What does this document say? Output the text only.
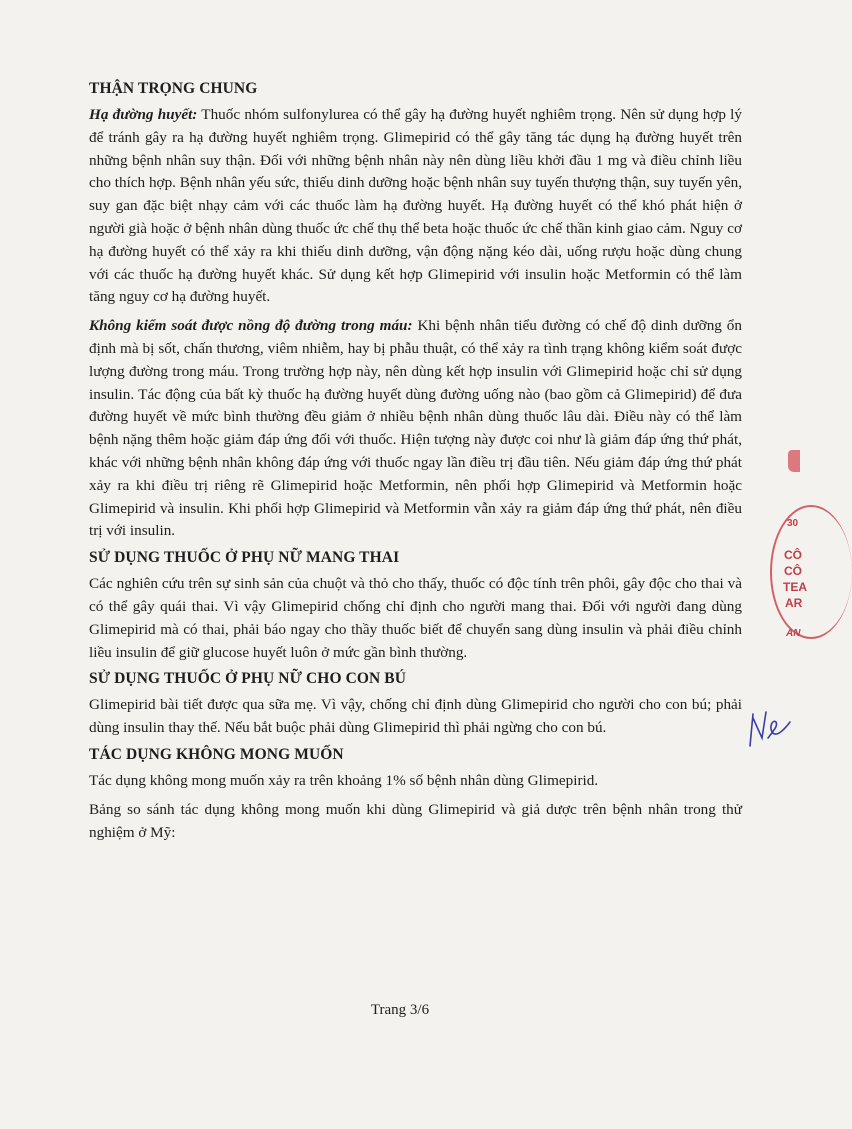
THẬN TRỌNG CHUNG

Hạ đường huyết: Thuốc nhóm sulfonylurea có thể gây hạ đường huyết nghiêm trọng. Nên sử dụng hợp lý để tránh gây ra hạ đường huyết nghiêm trọng. Glimepirid có thể gây tăng tác dụng hạ đường huyết trên những bệnh nhân suy thận. Đối với những bệnh nhân này nên dùng liều khởi đầu 1 mg và điều chỉnh liều cho thích hợp. Bệnh nhân yếu sức, thiếu dinh dưỡng hoặc bệnh nhân suy tuyến thượng thận, suy tuyến yên, suy gan đặc biệt nhạy cảm với các thuốc làm hạ đường huyết. Hạ đường huyết có thể khó phát hiện ở người già hoặc ở bệnh nhân dùng thuốc ức chế thụ thể beta hoặc thuốc ức chế thần kinh giao cảm. Nguy cơ hạ đường huyết có thể xảy ra khi thiếu dinh dưỡng, vận động nặng kéo dài, uống rượu hoặc dùng chung với các thuốc hạ đường huyết khác. Sử dụng kết hợp Glimepirid với insulin hoặc Metformin có thể làm tăng nguy cơ hạ đường huyết.

Không kiểm soát được nồng độ đường trong máu: Khi bệnh nhân tiểu đường có chế độ dinh dưỡng ổn định mà bị sốt, chấn thương, viêm nhiễm, hay bị phẫu thuật, có thể xảy ra tình trạng không kiểm soát được lượng đường trong máu. Trong trường hợp này, nên dùng kết hợp insulin với Glimepirid hoặc chỉ sử dụng insulin. Tác động của bất kỳ thuốc hạ đường huyết dùng đường uống nào (bao gồm cả Glimepirid) để đưa đường huyết về mức bình thường đều giảm ở nhiều bệnh nhân dùng thuốc lâu dài. Điều này có thể làm bệnh nặng thêm hoặc giảm đáp ứng đối với thuốc. Hiện tượng này được coi như là giảm đáp ứng thứ phát, khác với những bệnh nhân không đáp ứng với thuốc ngay lần điều trị đầu tiên. Nếu giảm đáp ứng thứ phát xảy ra khi điều trị riêng rẽ Glimepirid hoặc Metformin, nên phối hợp Glimepirid và Metformin hoặc Glimepirid và insulin. Khi phối hợp Glimepirid và Metformin vẫn xảy ra giảm đáp ứng thứ phát, nên điều trị với insulin.

SỬ DỤNG THUỐC Ở PHỤ NỮ MANG THAI

Các nghiên cứu trên sự sinh sản của chuột và thỏ cho thấy, thuốc có độc tính trên phôi, gây độc cho thai và có thể gây quái thai. Vì vậy Glimepirid chống chỉ định cho người mang thai. Đối với người đang dùng Glimepirid mà có thai, phải báo ngay cho thầy thuốc biết để chuyển sang dùng insulin và phải điều chỉnh liều insulin để giữ glucose huyết luôn ở mức gần bình thường.

SỬ DỤNG THUỐC Ở PHỤ NỮ CHO CON BÚ

Glimepirid bài tiết được qua sữa mẹ. Vì vậy, chống chỉ định dùng Glimepirid cho người cho con bú; phải dùng insulin thay thế. Nếu bắt buộc phải dùng Glimepirid thì phải ngừng cho con bú.

TÁC DỤNG KHÔNG MONG MUỐN

Tác dụng không mong muốn xảy ra trên khoảng 1% số bệnh nhân dùng Glimepirid.

Bảng so sánh tác dụng không mong muốn khi dùng Glimepirid và giả dược trên bệnh nhân trong thử nghiệm ở Mỹ:

Trang 3/6
30
CÔ
CÔ
TEA
AR
AN
